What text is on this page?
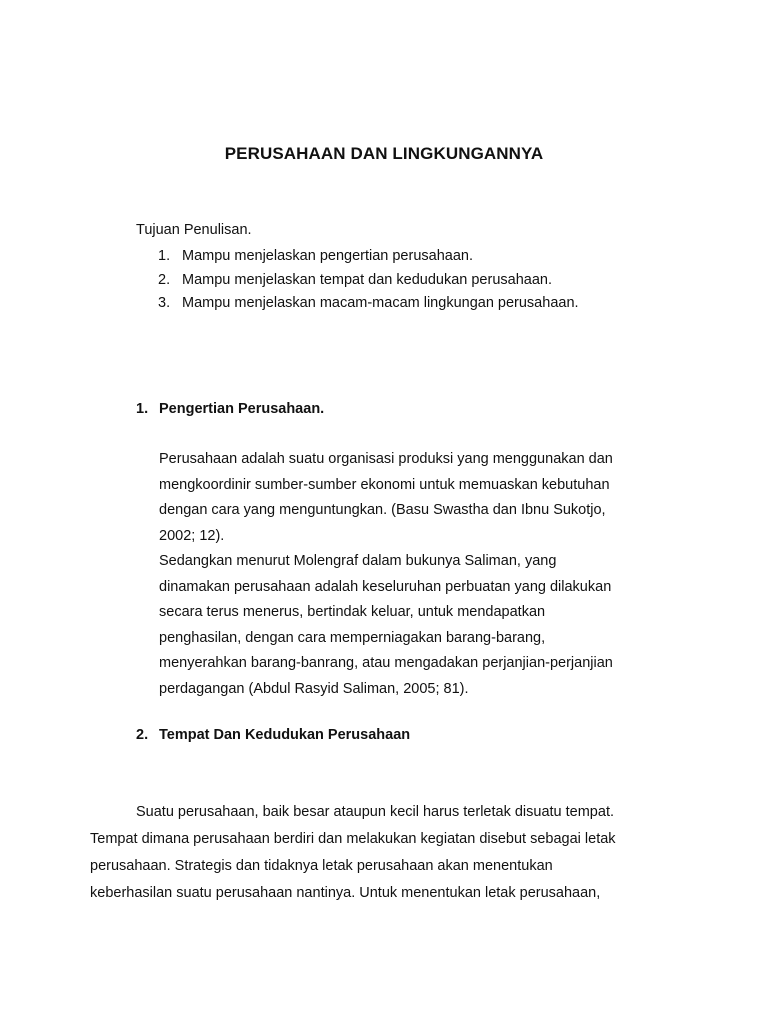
PERUSAHAAN DAN LINGKUNGANNYA
Tujuan Penulisan.
1. Mampu menjelaskan pengertian perusahaan.
2. Mampu menjelaskan tempat dan kedudukan perusahaan.
3. Mampu menjelaskan macam-macam lingkungan perusahaan.
1. Pengertian Perusahaan.
Perusahaan adalah suatu organisasi produksi yang menggunakan dan
mengkoordinir sumber-sumber ekonomi untuk memuaskan kebutuhan
dengan cara yang menguntungkan. (Basu Swastha dan Ibnu Sukotjo,
2002; 12).
Sedangkan menurut Molengraf dalam bukunya Saliman, yang
dinamakan perusahaan adalah keseluruhan perbuatan yang dilakukan
secara terus menerus, bertindak keluar, untuk mendapatkan
penghasilan, dengan cara memperniagakan barang-barang,
menyerahkan barang-banrang, atau mengadakan perjanjian-perjanjian
perdagangan (Abdul Rasyid Saliman, 2005; 81).
2. Tempat Dan Kedudukan Perusahaan
Suatu perusahaan, baik besar ataupun kecil harus terletak disuatu tempat.
Tempat dimana perusahaan berdiri dan melakukan kegiatan disebut sebagai letak
perusahaan. Strategis dan tidaknya letak perusahaan akan menentukan
keberhasilan suatu perusahaan nantinya. Untuk menentukan letak perusahaan,
